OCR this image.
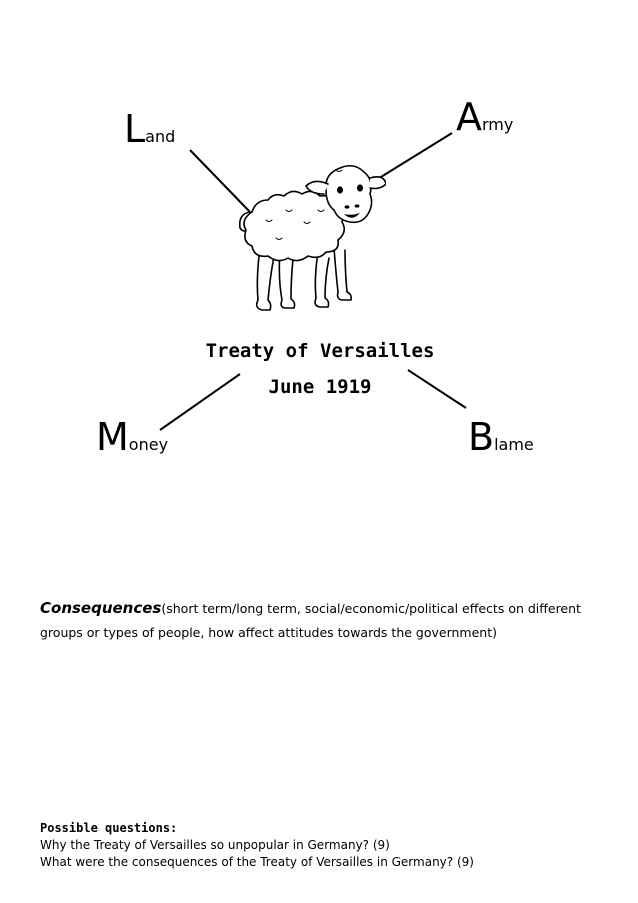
Land	Army
Money	Blame
Treaty of Versailles
June 1919
Consequences(short term/long term, social/economic/political effects on different groups or types of people, how affect attitudes towards the government)
Possible questions:
Why the Treaty of Versailles so unpopular in Germany? (9)
What were the consequences of the Treaty of Versailles in Germany? (9)
